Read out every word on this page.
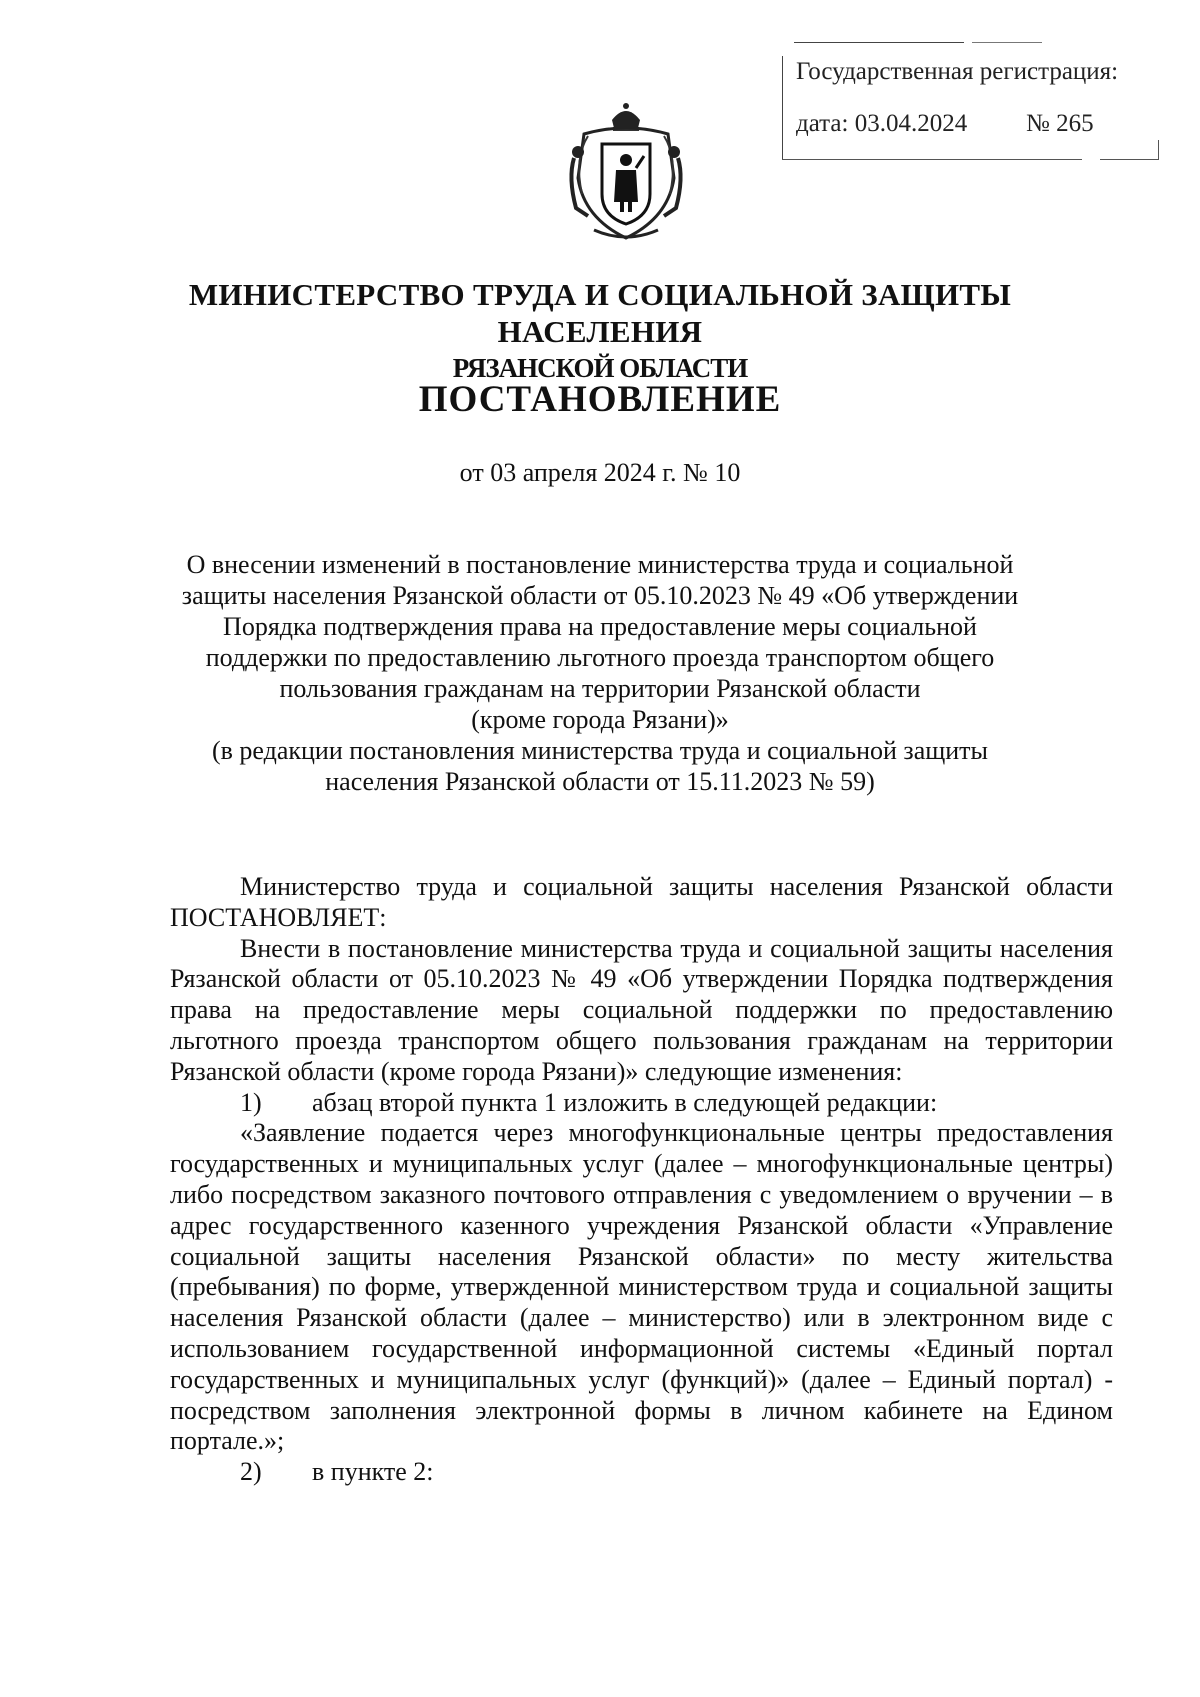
Государственная регистрация:
дата: 03.04.2024 № 265
МИНИСТЕРСТВО ТРУДА И СОЦИАЛЬНОЙ ЗАЩИТЫ НАСЕЛЕНИЯ
РЯЗАНСКОЙ ОБЛАСТИ
ПОСТАНОВЛЕНИЕ
от 03 апреля 2024 г. № 10
О внесении изменений в постановление министерства труда и социальной
защиты населения Рязанской области от 05.10.2023 № 49 «Об утверждении
Порядка подтверждения права на предоставление меры социальной
поддержки по предоставлению льготного проезда транспортом общего
пользования гражданам на территории Рязанской области
(кроме города Рязани)»
(в редакции постановления министерства труда и социальной защиты
населения Рязанской области от 15.11.2023 № 59)

Министерство труда и социальной защиты населения Рязанской области ПОСТАНОВЛЯЕТ:

Внести в постановление министерства труда и социальной защиты населения Рязанской области от 05.10.2023 № 49 «Об утверждении Порядка подтверждения права на предоставление меры социальной поддержки по предоставлению льготного проезда транспортом общего пользования гражданам на территории Рязанской области (кроме города Рязани)» следующие изменения:

1) абзац второй пункта 1 изложить в следующей редакции:

«Заявление подается через многофункциональные центры предоставления государственных и муниципальных услуг (далее – многофункциональные центры) либо посредством заказного почтового отправления с уведомлением о вручении – в адрес государственного казенного учреждения Рязанской области «Управление социальной защиты населения Рязанской области» по месту жительства (пребывания) по форме, утвержденной министерством труда и социальной защиты населения Рязанской области (далее – министерство) или в электронном виде с использованием государственной информационной системы «Единый портал государственных и муниципальных услуг (функций)» (далее – Единый портал) - посредством заполнения электронной формы в личном кабинете на Едином портале.»;

2) в пункте 2:
